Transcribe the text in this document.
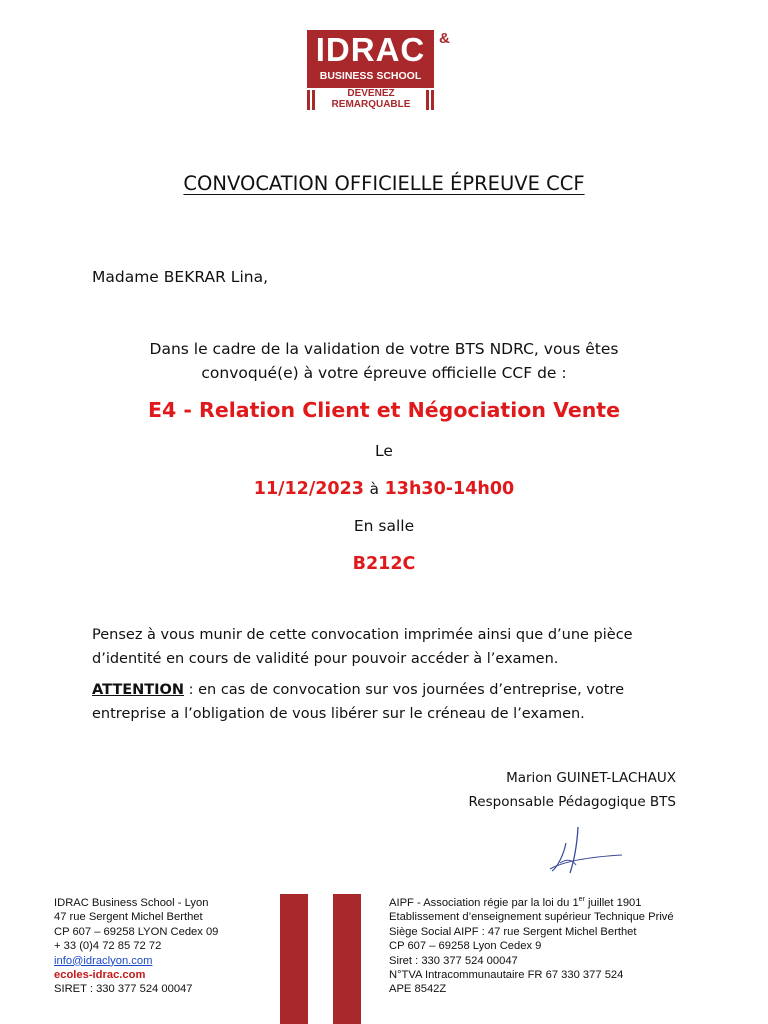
IDRAC
BUSINESS SCHOOL
&
DEVENEZ
REMARQUABLE
CONVOCATION OFFICIELLE ÉPREUVE CCF
Madame BEKRAR Lina,
Dans le cadre de la validation de votre BTS NDRC, vous êtes
convoqué(e) à votre épreuve officielle CCF de :
E4 - Relation Client et Négociation Vente
Le
11/12/2023 à 13h30-14h00
En salle
B212C
Pensez à vous munir de cette convocation imprimée ainsi que d’une pièce
d’identité en cours de validité pour pouvoir accéder à l’examen.
ATTENTION : en cas de convocation sur vos journées d’entreprise, votre
entreprise a l’obligation de vous libérer sur le créneau de l’examen.
Marion GUINET-LACHAUX
Responsable Pédagogique BTS
IDRAC Business School - Lyon
47 rue Sergent Michel Berthet
CP 607 – 69258 LYON Cedex 09
+ 33 (0)4 72 85 72 72
info@idraclyon.com
ecoles-idrac.com
SIRET : 330 377 524 00047
AIPF - Association régie par la loi du 1er juillet 1901
Etablissement d’enseignement supérieur Technique Privé
Siège Social AIPF : 47 rue Sergent Michel Berthet
CP 607 – 69258 Lyon Cedex 9
Siret : 330 377 524 00047
N°TVA Intracommunautaire FR 67 330 377 524
APE 8542Z
